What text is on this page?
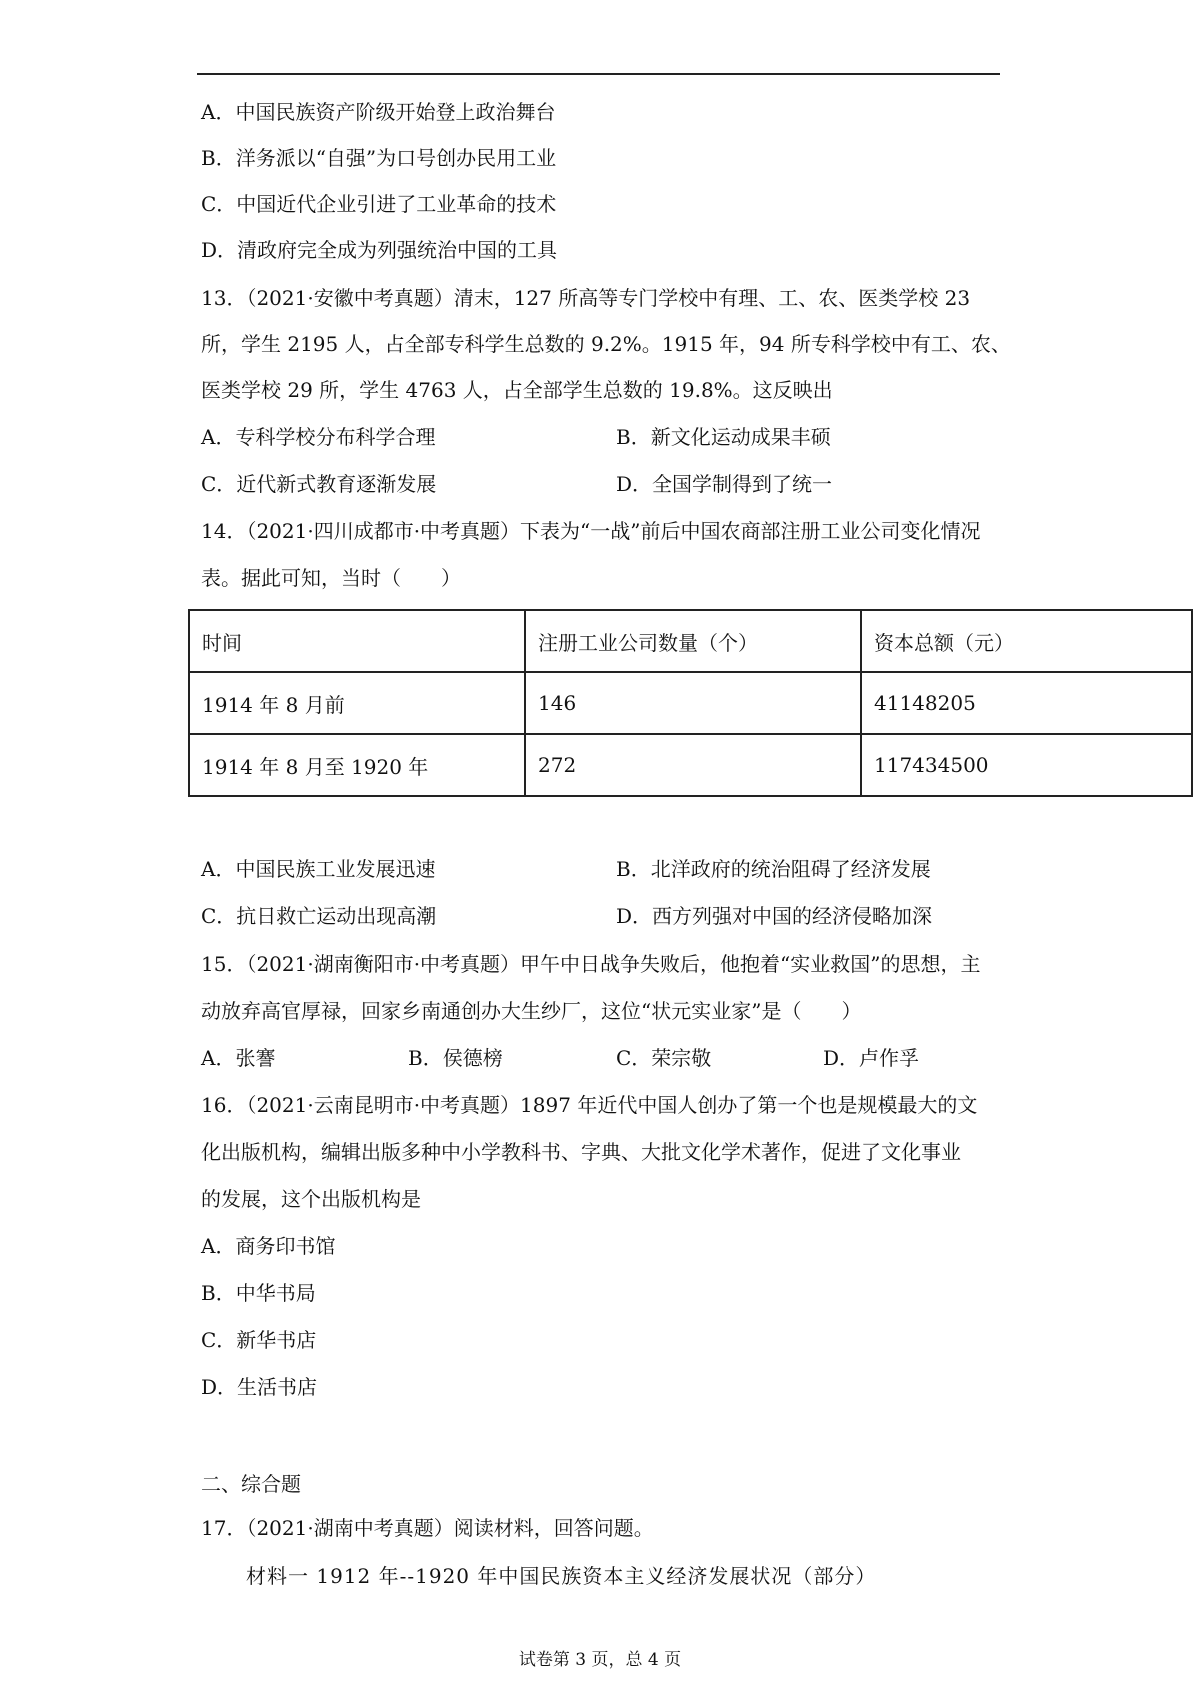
A．中国民族资产阶级开始登上政治舞台
B．洋务派以“自强”为口号创办民用工业
C．中国近代企业引进了工业革命的技术
D．清政府完全成为列强统治中国的工具
13．（2021·安徽中考真题）清末，127 所高等专门学校中有理、工、农、医类学校 23
所，学生 2195 人，占全部专科学生总数的 9.2%。1915 年，94 所专科学校中有工、农、
医类学校 29 所，学生 4763 人，占全部学生总数的 19.8%。这反映出
A．专科学校分布科学合理	B．新文化运动成果丰硕
C．近代新式教育逐渐发展	D．全国学制得到了统一
14．（2021·四川成都市·中考真题）下表为“一战”前后中国农商部注册工业公司变化情况
表。据此可知，当时（　　）
时间	注册工业公司数量（个）	资本总额（元）
1914 年 8 月前	146	41148205
1914 年 8 月至 1920 年	272	117434500
A．中国民族工业发展迅速	B．北洋政府的统治阻碍了经济发展
C．抗日救亡运动出现高潮	D．西方列强对中国的经济侵略加深
15．（2021·湖南衡阳市·中考真题）甲午中日战争失败后，他抱着“实业救国”的思想，主
动放弃高官厚禄，回家乡南通创办大生纱厂，这位“状元实业家”是（　　）
A．张謇	B．侯德榜	C．荣宗敬	D．卢作孚
16．（2021·云南昆明市·中考真题）1897 年近代中国人创办了第一个也是规模最大的文
化出版机构，编辑出版多种中小学教科书、字典、大批文化学术著作，促进了文化事业
的发展，这个出版机构是
A．商务印书馆
B．中华书局
C．新华书店
D．生活书店
二、综合题
17．（2021·湖南中考真题）阅读材料，回答问题。
材料一 1912 年--1920 年中国民族资本主义经济发展状况（部分）
试卷第 3 页，总 4 页
